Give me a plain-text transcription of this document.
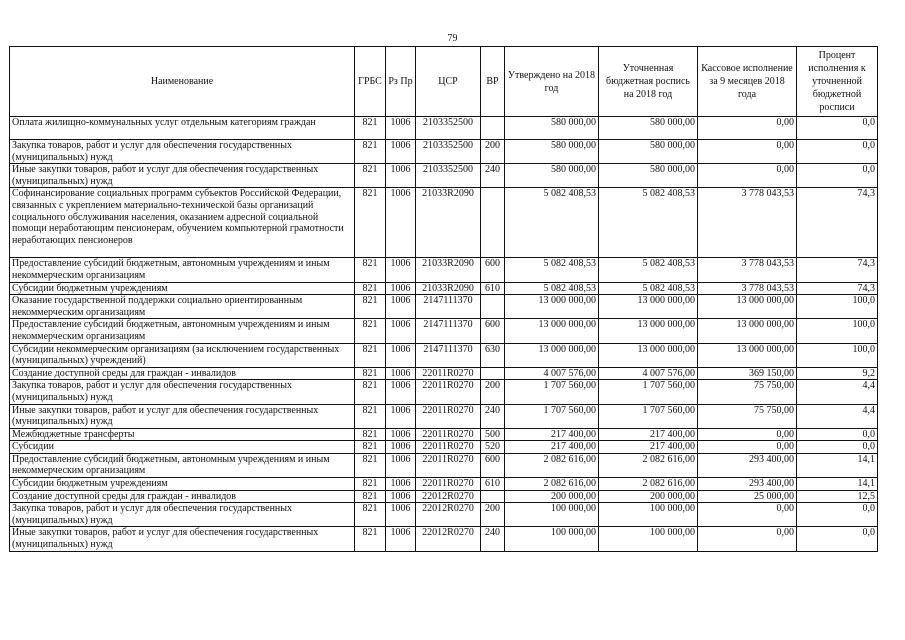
79
Наименование	ГРБС	Рз Пр	ЦСР	ВР	Утверждено на 2018 год	Уточненная бюджетная роспись на 2018 год	Кассовое исполнение за 9 месяцев 2018 года	Процент исполнения к уточненной бюджетной росписи
Оплата жилищно-коммунальных услуг отдельным категориям граждан	821	1006	2103352500		580 000,00	580 000,00	0,00	0,0
Закупка товаров, работ и услуг для обеспечения государственных (муниципальных) нужд	821	1006	2103352500	200	580 000,00	580 000,00	0,00	0,0
Иные закупки товаров, работ и услуг для обеспечения государственных (муниципальных) нужд	821	1006	2103352500	240	580 000,00	580 000,00	0,00	0,0
Софинансирование социальных программ субъектов Российской Федерации, связанных с укреплением материально-технической базы организаций социального обслуживания населения, оказанием адресной социальной помощи неработающим пенсионерам, обучением компьютерной грамотности неработающих пенсионеров	821	1006	21033R2090		5 082 408,53	5 082 408,53	3 778 043,53	74,3
Предоставление субсидий бюджетным, автономным учреждениям и иным некоммерческим организациям	821	1006	21033R2090	600	5 082 408,53	5 082 408,53	3 778 043,53	74,3
Субсидии бюджетным учреждениям	821	1006	21033R2090	610	5 082 408,53	5 082 408,53	3 778 043,53	74,3
Оказание государственной поддержки социально ориентированным некоммерческим организациям	821	1006	2147111370		13 000 000,00	13 000 000,00	13 000 000,00	100,0
Предоставление субсидий бюджетным, автономным учреждениям и иным некоммерческим организациям	821	1006	2147111370	600	13 000 000,00	13 000 000,00	13 000 000,00	100,0
Субсидии некоммерческим организациям (за исключением государственных (муниципальных) учреждений)	821	1006	2147111370	630	13 000 000,00	13 000 000,00	13 000 000,00	100,0
Создание доступной среды для граждан - инвалидов	821	1006	22011R0270		4 007 576,00	4 007 576,00	369 150,00	9,2
Закупка товаров, работ и услуг для обеспечения государственных (муниципальных) нужд	821	1006	22011R0270	200	1 707 560,00	1 707 560,00	75 750,00	4,4
Иные закупки товаров, работ и услуг для обеспечения государственных (муниципальных) нужд	821	1006	22011R0270	240	1 707 560,00	1 707 560,00	75 750,00	4,4
Межбюджетные трансферты	821	1006	22011R0270	500	217 400,00	217 400,00	0,00	0,0
Субсидии	821	1006	22011R0270	520	217 400,00	217 400,00	0,00	0,0
Предоставление субсидий бюджетным, автономным учреждениям и иным некоммерческим организациям	821	1006	22011R0270	600	2 082 616,00	2 082 616,00	293 400,00	14,1
Субсидии бюджетным учреждениям	821	1006	22011R0270	610	2 082 616,00	2 082 616,00	293 400,00	14,1
Создание доступной среды для граждан - инвалидов	821	1006	22012R0270		200 000,00	200 000,00	25 000,00	12,5
Закупка товаров, работ и услуг для обеспечения государственных (муниципальных) нужд	821	1006	22012R0270	200	100 000,00	100 000,00	0,00	0,0
Иные закупки товаров, работ и услуг для обеспечения государственных (муниципальных) нужд	821	1006	22012R0270	240	100 000,00	100 000,00	0,00	0,0
